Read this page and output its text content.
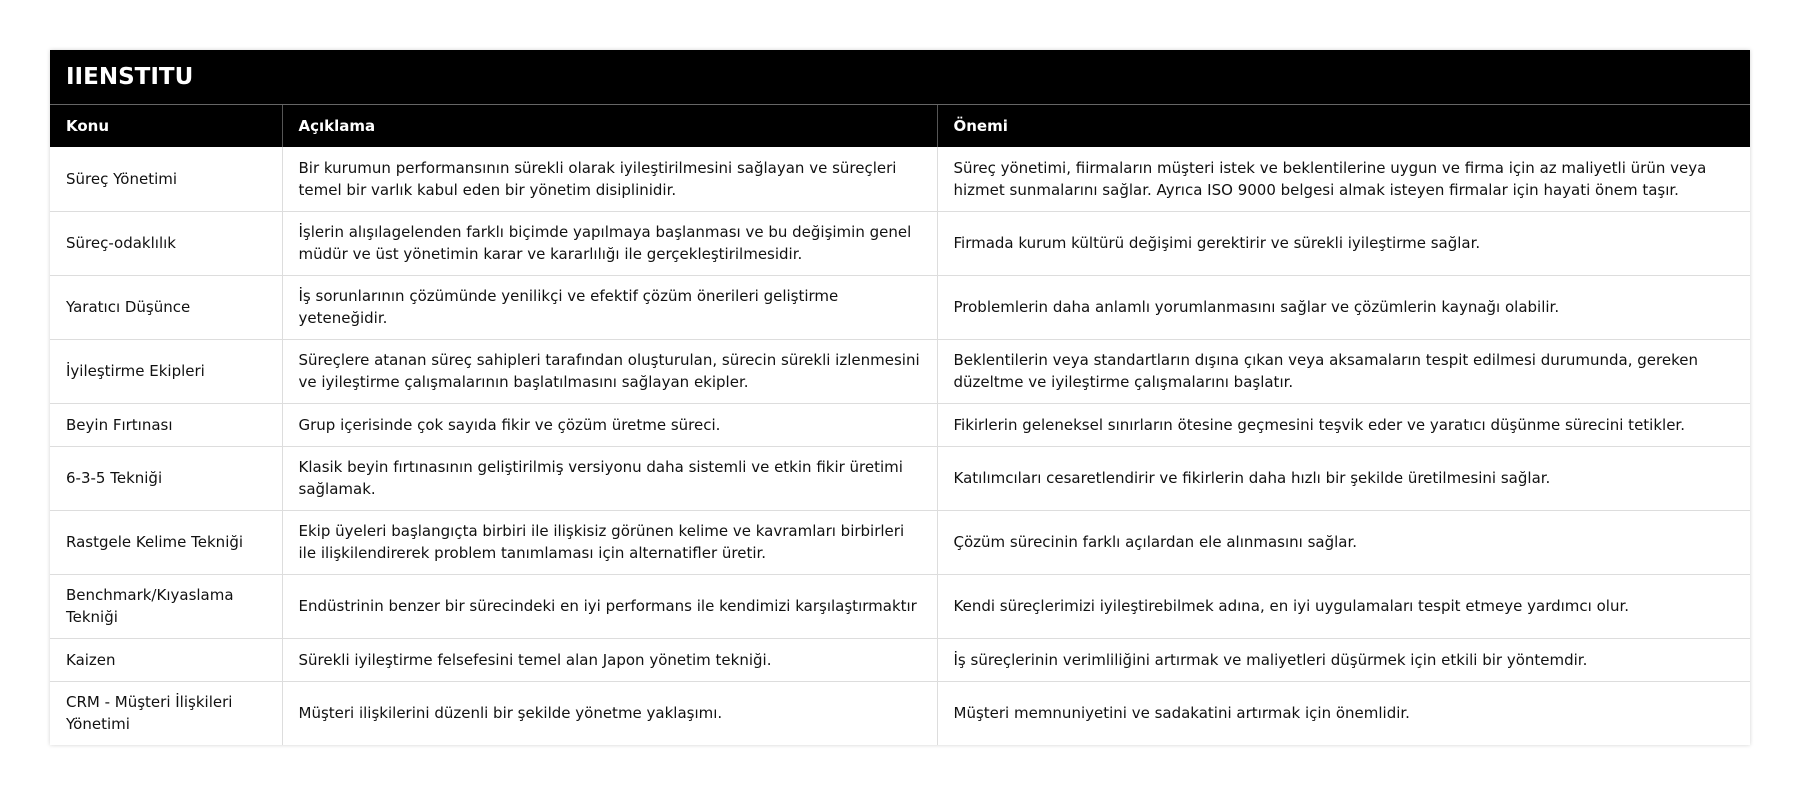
IIENSTITU		
Konu	Açıklama	Önemi
Süreç Yönetimi	Bir kurumun performansının sürekli olarak iyileştirilmesini sağlayan ve süreçleri temel bir varlık kabul eden bir yönetim disiplinidir.	Süreç yönetimi, fiirmaların müşteri istek ve beklentilerine uygun ve firma için az maliyetli ürün veya hizmet sunmalarını sağlar. Ayrıca ISO 9000 belgesi almak isteyen firmalar için hayati önem taşır.
Süreç-odaklılık	İşlerin alışılagelenden farklı biçimde yapılmaya başlanması ve bu değişimin genel müdür ve üst yönetimin karar ve kararlılığı ile gerçekleştirilmesidir.	Firmada kurum kültürü değişimi gerektirir ve sürekli iyileştirme sağlar.
Yaratıcı Düşünce	İş sorunlarının çözümünde yenilikçi ve efektif çözüm önerileri geliştirme yeteneğidir.	Problemlerin daha anlamlı yorumlanmasını sağlar ve çözümlerin kaynağı olabilir.
İyileştirme Ekipleri	Süreçlere atanan süreç sahipleri tarafından oluşturulan, sürecin sürekli izlenmesini ve iyileştirme çalışmalarının başlatılmasını sağlayan ekipler.	Beklentilerin veya standartların dışına çıkan veya aksamaların tespit edilmesi durumunda, gereken düzeltme ve iyileştirme çalışmalarını başlatır.
Beyin Fırtınası	Grup içerisinde çok sayıda fikir ve çözüm üretme süreci.	Fikirlerin geleneksel sınırların ötesine geçmesini teşvik eder ve yaratıcı düşünme sürecini tetikler.
6-3-5 Tekniği	Klasik beyin fırtınasının geliştirilmiş versiyonu daha sistemli ve etkin fikir üretimi sağlamak.	Katılımcıları cesaretlendirir ve fikirlerin daha hızlı bir şekilde üretilmesini sağlar.
Rastgele Kelime Tekniği	Ekip üyeleri başlangıçta birbiri ile ilişkisiz görünen kelime ve kavramları birbirleri ile ilişkilendirerek problem tanımlaması için alternatifler üretir.	Çözüm sürecinin farklı açılardan ele alınmasını sağlar.
Benchmark/Kıyaslama Tekniği	Endüstrinin benzer bir sürecindeki en iyi performans ile kendimizi karşılaştırmaktır	Kendi süreçlerimizi iyileştirebilmek adına, en iyi uygulamaları tespit etmeye yardımcı olur.
Kaizen	Sürekli iyileştirme felsefesini temel alan Japon yönetim tekniği.	İş süreçlerinin verimliliğini artırmak ve maliyetleri düşürmek için etkili bir yöntemdir.
CRM - Müşteri İlişkileri Yönetimi	Müşteri ilişkilerini düzenli bir şekilde yönetme yaklaşımı.	Müşteri memnuniyetini ve sadakatini artırmak için önemlidir.
